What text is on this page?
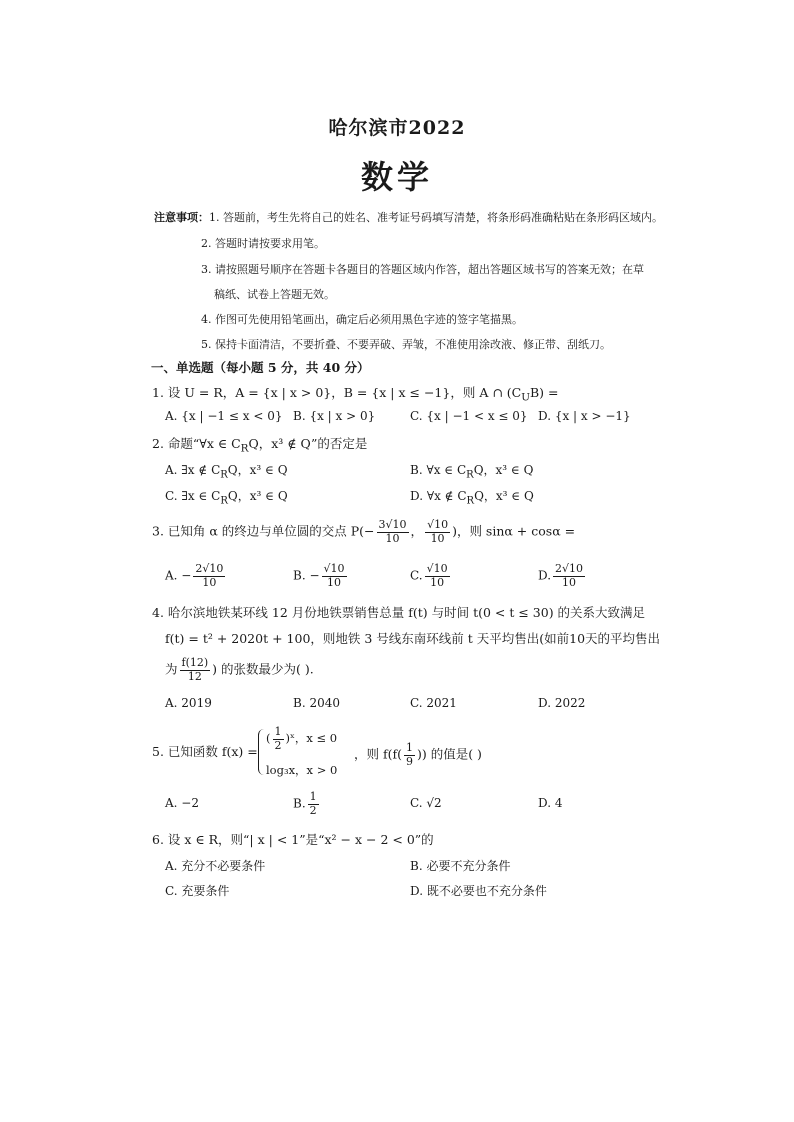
哈尔滨市2022
数学
注意事项：1. 答题前，考生先将自己的姓名、准考证号码填写清楚，将条形码准确粘贴在条形码区域内。
2. 答题时请按要求用笔。
3. 请按照题号顺序在答题卡各题目的答题区域内作答，超出答题区域书写的答案无效；在草
稿纸、试卷上答题无效。
4. 作图可先使用铅笔画出，确定后必须用黑色字迹的签字笔描黑。
5. 保持卡面清洁，不要折叠、不要弄破、弄皱，不准使用涂改液、修正带、刮纸刀。
一、单选题（每小题 5 分，共 40 分）
1. 设 U = R，A = {x | x > 0}，B = {x | x ≤ −1}，则 A ∩ $(C_UB)$ =
A. {x | −1 ≤ x < 0} B. {x | x > 0}	C. {x | −1 < x ≤ 0} D. {x | x > −1}
2. 命题“∀x ∈ $C_RQ$，x³ ∉ Q”的否定是
A. ∃x ∉ $C_RQ$，x³ ∈ Q	B. ∀x ∈ $C_RQ$，x³ ∈ Q
C. ∃x ∈ $C_RQ$，x³ ∈ Q	D. ∀x ∉ $C_RQ$，x³ ∈ Q
3. 已知角 α 的终边与单位圆的交点 $P(- \frac{3√10}{10}$ ， $\frac{√10}{10}$ )，则 sinα + cosα =
A. − $\frac{2√10}{10}$	B. − $\frac{√10}{10}$	C. $\frac{√10}{10}$	D. $\frac{2√10}{10}$
4. 哈尔滨地铁某环线 12 月份地铁票销售总量 f(t) 与时间 t(0 < t ≤ 30) 的关系大致满足
f(t) = t² + 2020t + 100，则地铁 3 号线东南环线前 t 天平均售出(如前10天的平均售出
为 $\frac{f(12)}{12}$ ) 的张数最少为( ).
A. 2019	B. 2040	C. 2021	D. 2022
5. 已知函数 f(x) =
( $\frac{1}{2}$ )ˣ，x ≤ 0
log₃x，x > 0
，则 $f(f( \frac{1}{9}$ )) 的值是( )
A. −2	B. $\frac{1}{2}$	C. √2	D. 4
6. 设 x ∈ R，则“| x | < 1”是“x² − x − 2 < 0”的
A. 充分不必要条件	B. 必要不充分条件
C. 充要条件	D. 既不必要也不充分条件
